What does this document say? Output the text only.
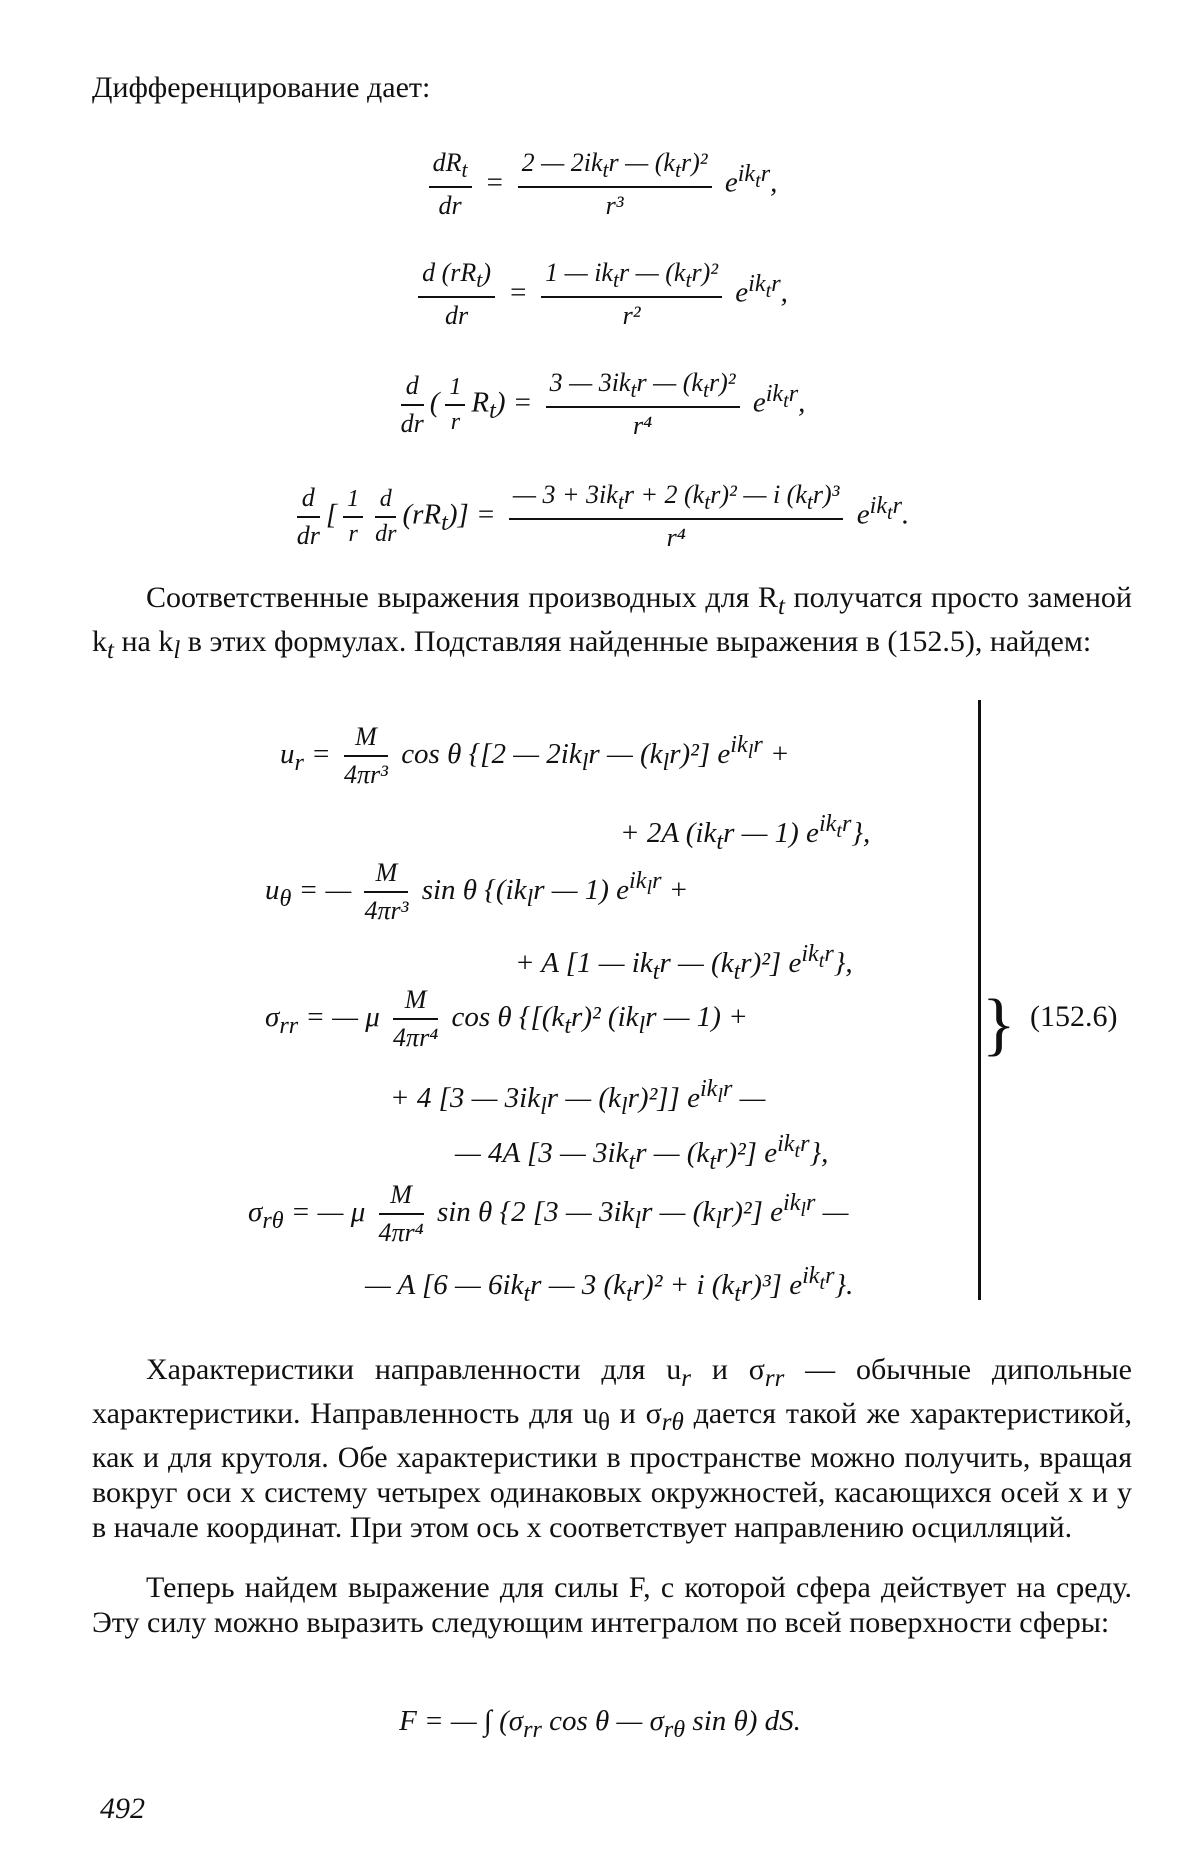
Дифференцирование дает:
$\frac{dR_t}{dr} = \frac{2 — 2ik_tr — (k_tr)^2}{\text{r³}} e^{ik_tr}$,
$\frac{d (rR_t)}{dr} = \frac{1 — ik_tr — (k_tr)^2}{\text{r²}} e^{ik_tr}$,
$\frac{d}{dr}$ ( $\frac{1}{r} R_t) = \frac{3 — 3ik_tr — (k_tr)^2}{\text{r⁴}} e^{ik_tr}$,
$\frac{d}{dr}$ [ $\frac{1}{r} \frac{d}{dr} (rR_t)] = \frac{— 3 + 3ik_tr + 2 (k_tr)^2 — i (k_tr)^3}{\text{r⁴}} e^{ik_tr}$.
Соответственные выражения производных для $R_t$ получатся просто заменой $k_t$ на $k_l$ в этих формулах. Подставляя найденные выражения в (152.5), найдем:
$u_r = \frac{M}{\text{4πr³}}$ cos θ {[2 — $2ik_lr$ — $(k_lr)^2$] $e^{ik_lr}$ +
+ 2A ($ik_tr$ — 1) $e^{ik_tr}$},
$u_\theta$ = — $\frac{M}{\text{4πr³}}$ sin θ {($ik_lr$ — 1) $e^{ik_lr}$ +
+ A [1 — $ik_tr$ — $(k_tr)^2$] $e^{ik_tr}$},
$\sigma_{rr}$ = — μ $\frac{M}{\text{4πr⁴}}$ cos θ {[$(k_tr)^2$ ($ik_lr$ — 1) +
+ 4 [3 — $3ik_lr$ — $(k_lr)^2$]] $e^{ik_lr}$ —
— 4A [3 — $3ik_tr$ — $(k_tr)^2$] $e^{ik_tr}$},
$\sigma_{r\theta}$ = — μ $\frac{M}{\text{4πr⁴}}$ sin θ {2 [3 — $3ik_lr$ — $(k_lr)^2$] $e^{ik_lr}$ —
— A [6 — $6ik_tr$ — 3 $(k_tr)^2 + i$ $(k_tr)^3$] $e^{ik_tr}$}.
} (152.6)
Характеристики направленности для $u_r$ и $\sigma_{rr}$ — обычные дипольные характеристики. Направленность для $u_\theta$ и $\sigma_{r\theta}$ дается такой же характеристикой, как и для крутоля. Обе характеристики в пространстве можно получить, вращая вокруг оси x систему четырех одинаковых окружностей, касающихся осей x и y в начале координат. При этом ось x соответствует направлению осцилляций.
Теперь найдем выражение для силы F, с которой сфера действует на среду. Эту силу можно выразить следующим интегралом по всей поверхности сферы:
F = — ∫ ($\sigma_{rr}$ cos θ — $\sigma_{r\theta}$ sin θ) dS.
492
